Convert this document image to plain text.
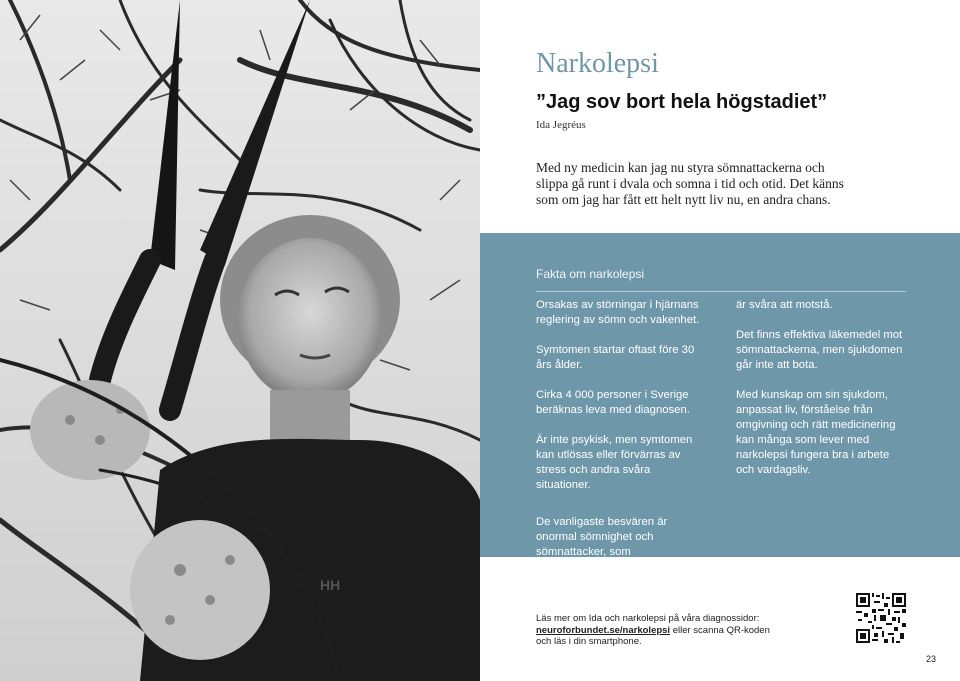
HH
Narkolepsi
”Jag sov bort hela högstadiet”
Ida Jegréus

Med ny medicin kan jag nu styra sömnattackerna och slippa gå runt i dvala och somna i tid och otid. Det känns som om jag har fått ett helt nytt liv nu, en andra chans.

Fakta om narkolepsi

Orsakas av störningar i hjärnans reglering av sömn och vakenhet.

Symtomen startar oftast före 30 års ålder.

Cirka 4 000 personer i Sverige beräknas leva med diagnosen.

Är inte psykisk, men symtomen kan utlösas eller förvärras av stress och andra svåra situationer.

De vanligaste besvären är onormal sömnighet och sömnattacker, som

är svåra att motstå.

Det finns effektiva läkemedel mot sömnattackerna, men sjukdomen går inte att bota.

Med kunskap om sin sjukdom, anpassat liv, förståelse från omgivning och rätt medicinering kan många som lever med narkolepsi fungera bra i arbete och vardagsliv.

Läs mer om Ida och narkolepsi på våra diagnossidor:
neuroforbundet.se/narkolepsi eller scanna QR-koden
och läs i din smartphone.
23
